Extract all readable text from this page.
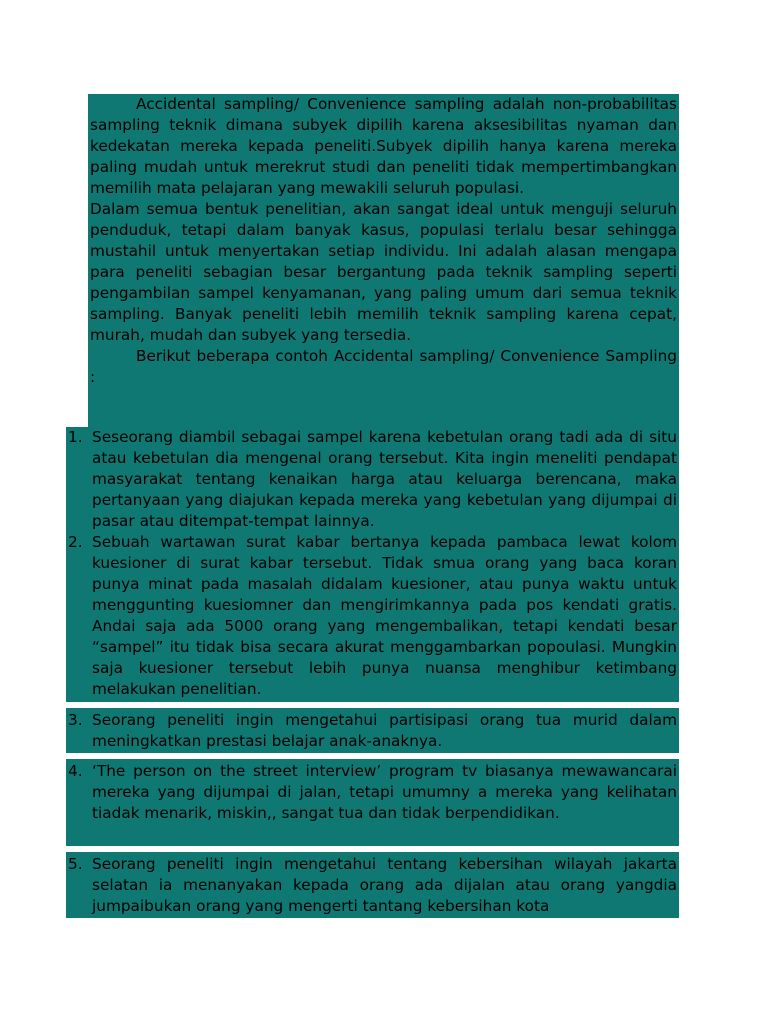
Accidental sampling/ Convenience sampling adalah non-probabilitas sampling teknik dimana subyek dipilih karena aksesibilitas nyaman dan kedekatan mereka kepada peneliti.Subyek dipilih hanya karena mereka paling mudah untuk merekrut studi dan peneliti tidak mempertimbangkan memilih mata pelajaran yang mewakili seluruh populasi.

Dalam semua bentuk penelitian, akan sangat ideal untuk menguji seluruh penduduk, tetapi dalam banyak kasus, populasi terlalu besar sehingga mustahil untuk menyertakan setiap individu. Ini adalah alasan mengapa para peneliti sebagian besar bergantung pada teknik sampling seperti pengambilan sampel kenyamanan, yang paling umum dari semua teknik sampling. Banyak peneliti lebih memilih teknik sampling karena cepat, murah, mudah dan subyek yang tersedia.

Berikut beberapa contoh Accidental sampling/ Convenience Sampling :

1. Seseorang diambil sebagai sampel karena kebetulan orang tadi ada di situ atau kebetulan dia mengenal orang tersebut. Kita ingin meneliti pendapat masyarakat tentang kenaikan harga atau keluarga berencana, maka pertanyaan yang diajukan kepada mereka yang kebetulan yang dijumpai di pasar atau ditempat-tempat lainnya.

2. Sebuah wartawan surat kabar bertanya kepada pambaca lewat kolom kuesioner di surat kabar tersebut. Tidak smua orang yang baca koran punya minat pada masalah didalam kuesioner, atau punya waktu untuk menggunting kuesiomner dan mengirimkannya pada pos kendati gratis. Andai saja ada 5000 orang yang mengembalikan, tetapi kendati besar “sampel” itu tidak bisa secara akurat menggambarkan popoulasi. Mungkin saja kuesioner tersebut lebih punya nuansa menghibur ketimbang melakukan penelitian.

3. Seorang peneliti ingin mengetahui partisipasi orang tua murid dalam meningkatkan prestasi belajar anak-anaknya.

4. ‘The person on the street interview’ program tv biasanya mewawancarai mereka yang dijumpai di jalan, tetapi umumny a mereka yang kelihatan tiadak menarik, miskin,, sangat tua dan tidak berpendidikan.

5. Seorang peneliti ingin mengetahui tentang kebersihan wilayah jakarta selatan ia menanyakan kepada orang ada dijalan atau orang yangdia jumpaibukan orang yang mengerti tantang kebersihan kota
